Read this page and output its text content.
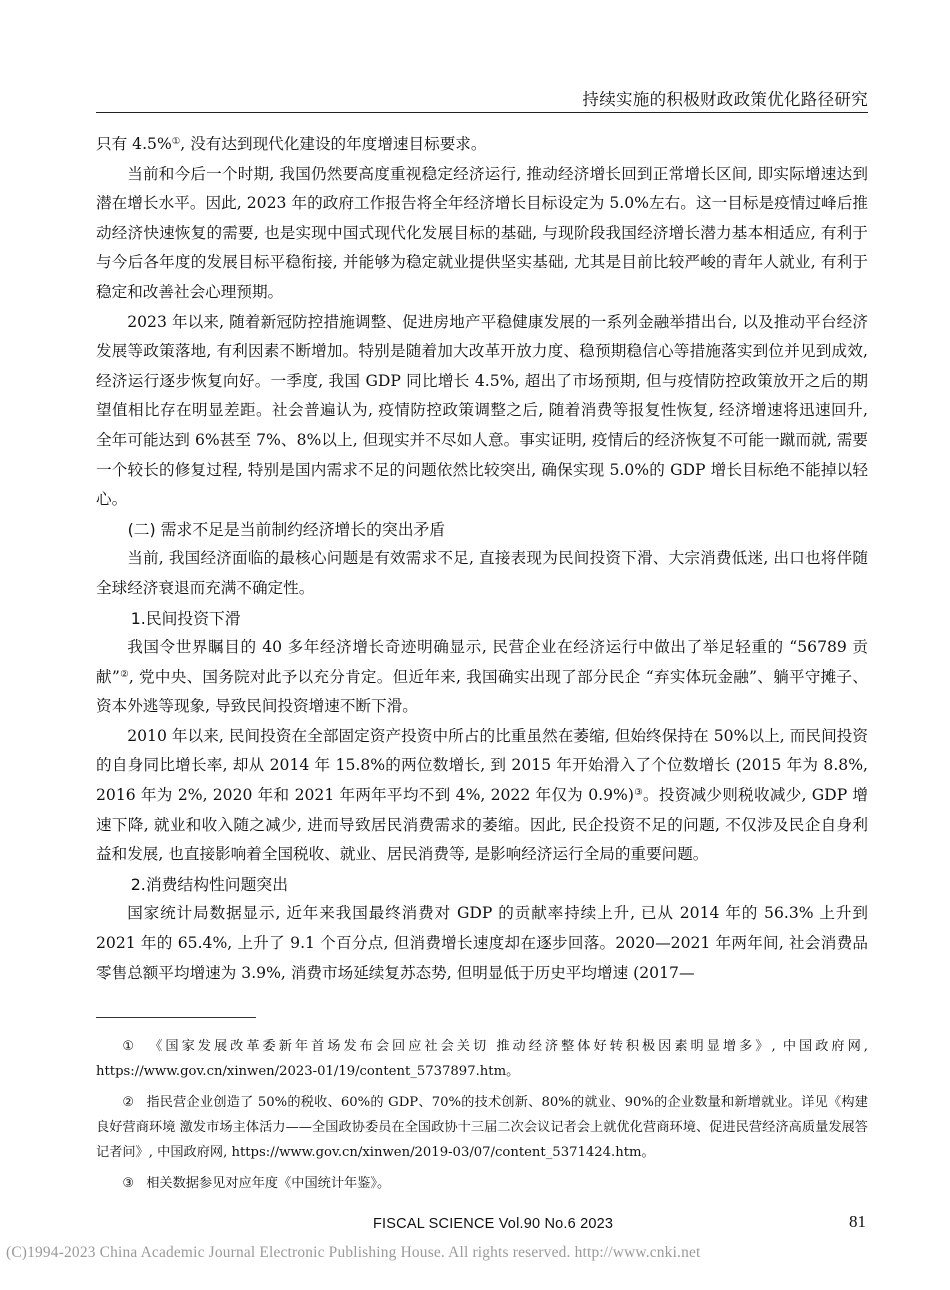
持续实施的积极财政政策优化路径研究

只有 4.5%①, 没有达到现代化建设的年度增速目标要求。

当前和今后一个时期, 我国仍然要高度重视稳定经济运行, 推动经济增长回到正常增长区间, 即实际增速达到潜在增长水平。因此, 2023 年的政府工作报告将全年经济增长目标设定为 5.0%左右。这一目标是疫情过峰后推动经济快速恢复的需要, 也是实现中国式现代化发展目标的基础, 与现阶段我国经济增长潜力基本相适应, 有利于与今后各年度的发展目标平稳衔接, 并能够为稳定就业提供坚实基础, 尤其是目前比较严峻的青年人就业, 有利于稳定和改善社会心理预期。

2023 年以来, 随着新冠防控措施调整、促进房地产平稳健康发展的一系列金融举措出台, 以及推动平台经济发展等政策落地, 有利因素不断增加。特别是随着加大改革开放力度、稳预期稳信心等措施落实到位并见到成效, 经济运行逐步恢复向好。一季度, 我国 GDP 同比增长 4.5%, 超出了市场预期, 但与疫情防控政策放开之后的期望值相比存在明显差距。社会普遍认为, 疫情防控政策调整之后, 随着消费等报复性恢复, 经济增速将迅速回升, 全年可能达到 6%甚至 7%、8%以上, 但现实并不尽如人意。事实证明, 疫情后的经济恢复不可能一蹴而就, 需要一个较长的修复过程, 特别是国内需求不足的问题依然比较突出, 确保实现 5.0%的 GDP 增长目标绝不能掉以轻心。

(二) 需求不足是当前制约经济增长的突出矛盾

当前, 我国经济面临的最核心问题是有效需求不足, 直接表现为民间投资下滑、大宗消费低迷, 出口也将伴随全球经济衰退而充满不确定性。

1.民间投资下滑

我国令世界瞩目的 40 多年经济增长奇迹明确显示, 民营企业在经济运行中做出了举足轻重的 “56789 贡献”②, 党中央、国务院对此予以充分肯定。但近年来, 我国确实出现了部分民企 “弃实体玩金融”、躺平守摊子、资本外逃等现象, 导致民间投资增速不断下滑。

2010 年以来, 民间投资在全部固定资产投资中所占的比重虽然在萎缩, 但始终保持在 50%以上, 而民间投资的自身同比增长率, 却从 2014 年 15.8%的两位数增长, 到 2015 年开始滑入了个位数增长 (2015 年为 8.8%, 2016 年为 2%, 2020 年和 2021 年两年平均不到 4%, 2022 年仅为 0.9%)③。投资减少则税收减少, GDP 增速下降, 就业和收入随之减少, 进而导致居民消费需求的萎缩。因此, 民企投资不足的问题, 不仅涉及民企自身利益和发展, 也直接影响着全国税收、就业、居民消费等, 是影响经济运行全局的重要问题。

2.消费结构性问题突出

国家统计局数据显示, 近年来我国最终消费对 GDP 的贡献率持续上升, 已从 2014 年的 56.3% 上升到 2021 年的 65.4%, 上升了 9.1 个百分点, 但消费增长速度却在逐步回落。2020—2021 年两年间, 社会消费品零售总额平均增速为 3.9%, 消费市场延续复苏态势, 但明显低于历史平均增速 (2017—

① 《国家发展改革委新年首场发布会回应社会关切 推动经济整体好转积极因素明显增多》, 中国政府网, https://www.gov.cn/xinwen/2023-01/19/content_5737897.htm。

② 指民营企业创造了 50%的税收、60%的 GDP、70%的技术创新、80%的就业、90%的企业数量和新增就业。详见《构建良好营商环境 激发市场主体活力——全国政协委员在全国政协十三届二次会议记者会上就优化营商环境、促进民营经济高质量发展答记者问》, 中国政府网, https://www.gov.cn/xinwen/2019-03/07/content_5371424.htm。

③ 相关数据参见对应年度《中国统计年鉴》。

FISCAL SCIENCE Vol.90 No.6 2023	81
(C)1994-2023 China Academic Journal Electronic Publishing House. All rights reserved. http://www.cnki.net
